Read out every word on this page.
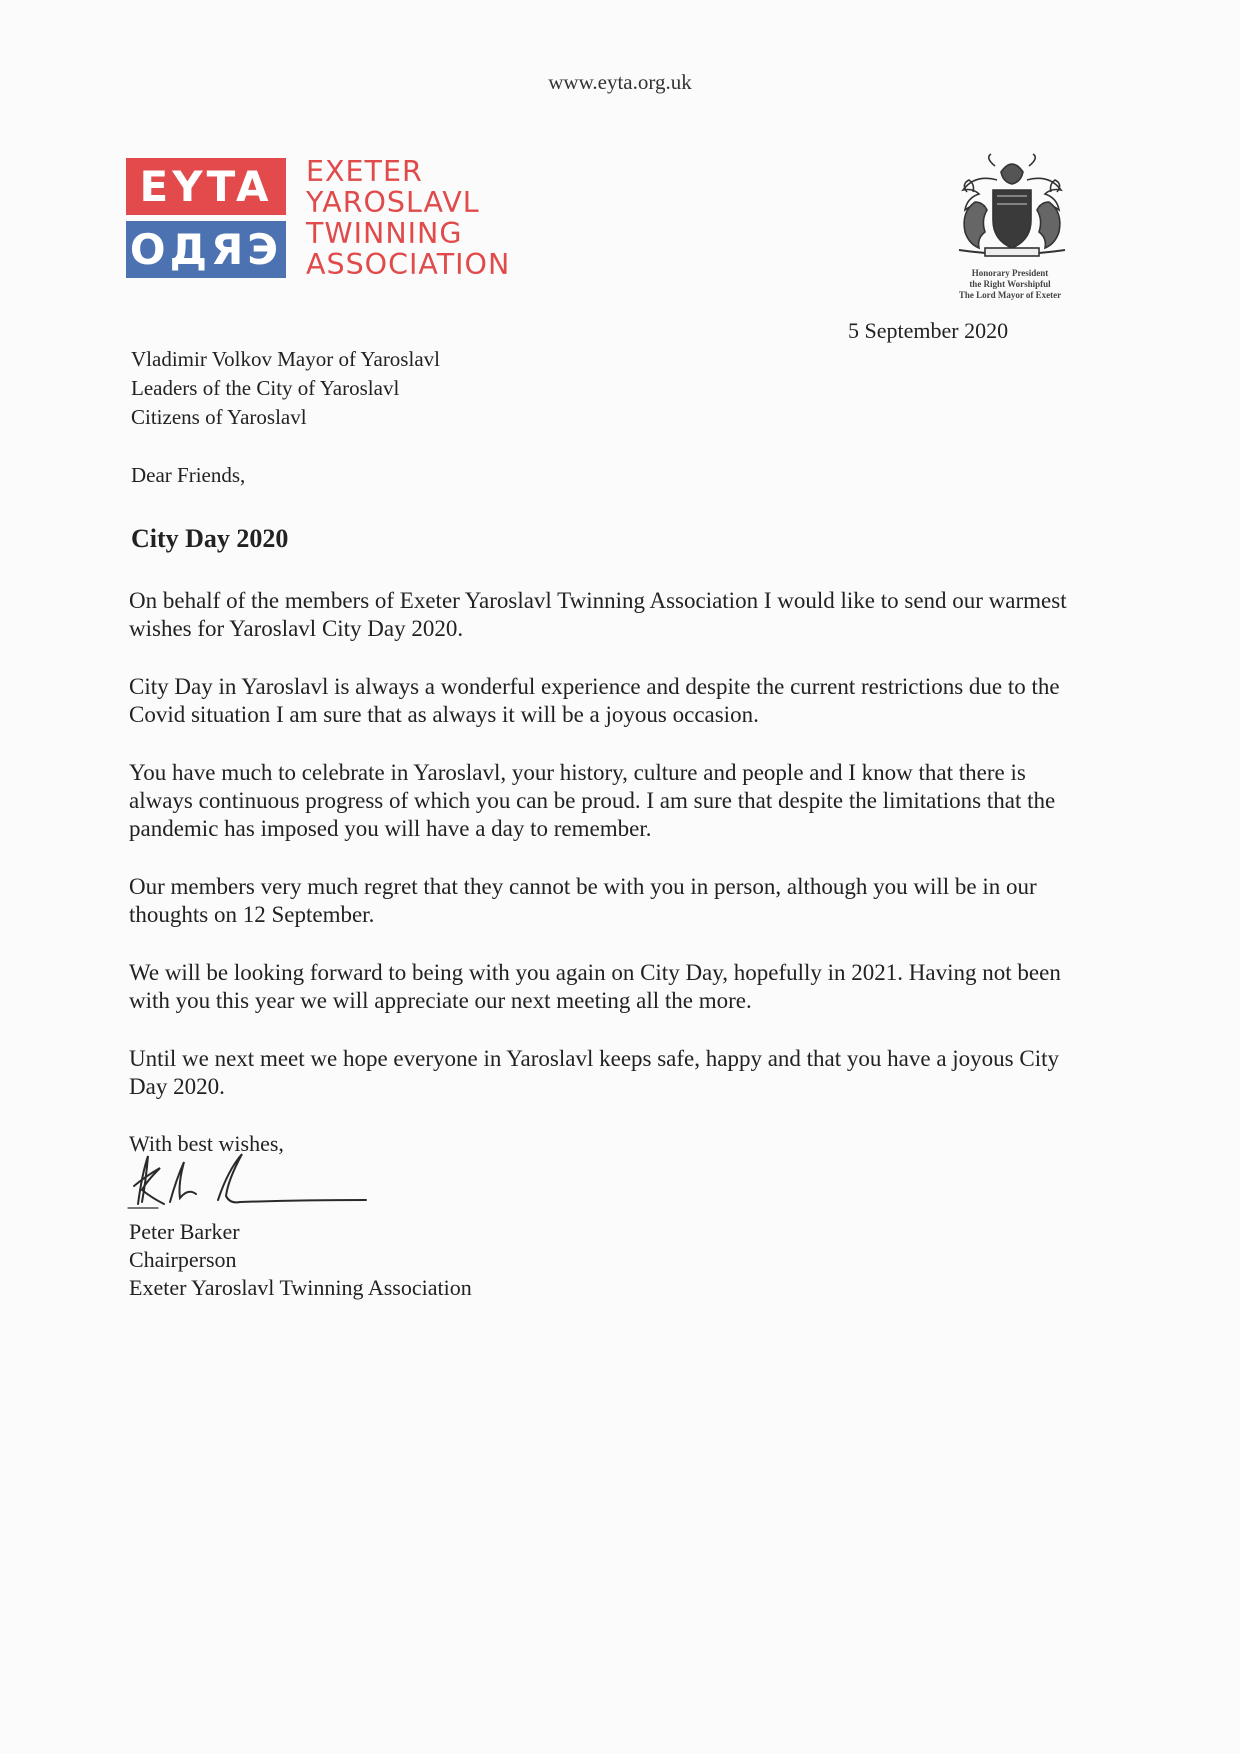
www.eyta.org.uk
EYTA
ОДЯЭ
EXETER
YAROSLAVL
TWINNING
ASSOCIATION	Honorary President
the Right Worshipful
The Lord Mayor of Exeter
5 September 2020
Vladimir Volkov Mayor of Yaroslavl
Leaders of the City of Yaroslavl
Citizens of Yaroslavl
Dear Friends,
City Day 2020

On behalf of the members of Exeter Yaroslavl Twinning Association I would like to send our warmest wishes for Yaroslavl City Day 2020.

City Day in Yaroslavl is always a wonderful experience and despite the current restrictions due to the Covid situation I am sure that as always it will be a joyous occasion.

You have much to celebrate in Yaroslavl, your history, culture and people and I know that there is always continuous progress of which you can be proud. I am sure that despite the limitations that the pandemic has imposed you will have a day to remember.

Our members very much regret that they cannot be with you in person, although you will be in our thoughts on 12 September.

We will be looking forward to being with you again on City Day, hopefully in 2021. Having not been with you this year we will appreciate our next meeting all the more.

Until we next meet we hope everyone in Yaroslavl keeps safe, happy and that you have a joyous City Day 2020.

With best wishes,
Peter Barker
Chairperson
Exeter Yaroslavl Twinning Association
